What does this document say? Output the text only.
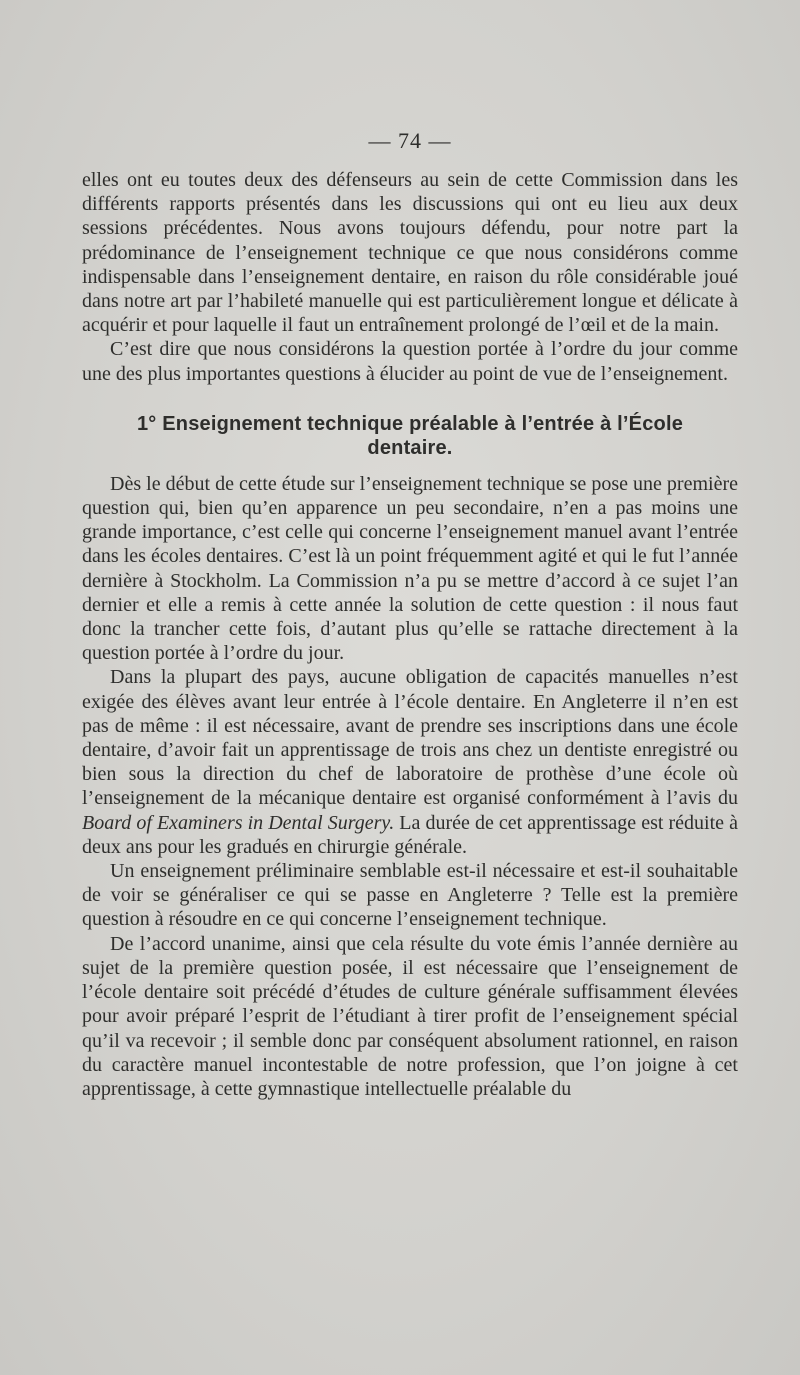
— 74 —

elles ont eu toutes deux des défenseurs au sein de cette Commission dans les différents rapports présentés dans les discussions qui ont eu lieu aux deux sessions précédentes. Nous avons toujours défendu, pour notre part la prédominance de l’enseignement technique ce que nous considérons comme indispensable dans l’enseignement dentaire, en raison du rôle considérable joué dans notre art par l’habileté manuelle qui est particulièrement longue et délicate à acquérir et pour laquelle il faut un entraînement prolongé de l’œil et de la main.

C’est dire que nous considérons la question portée à l’ordre du jour comme une des plus importantes questions à élucider au point de vue de l’enseignement.

1° Enseignement technique préalable à l’entrée à l’École dentaire.

Dès le début de cette étude sur l’enseignement technique se pose une première question qui, bien qu’en apparence un peu secondaire, n’en a pas moins une grande importance, c’est celle qui concerne l’enseignement manuel avant l’entrée dans les écoles dentaires. C’est là un point fréquemment agité et qui le fut l’année dernière à Stockholm. La Commission n’a pu se mettre d’accord à ce sujet l’an dernier et elle a remis à cette année la solution de cette question : il nous faut donc la trancher cette fois, d’autant plus qu’elle se rattache directement à la question portée à l’ordre du jour.

Dans la plupart des pays, aucune obligation de capacités manuelles n’est exigée des élèves avant leur entrée à l’école dentaire. En Angleterre il n’en est pas de même : il est nécessaire, avant de prendre ses inscriptions dans une école dentaire, d’avoir fait un apprentissage de trois ans chez un dentiste enregistré ou bien sous la direction du chef de laboratoire de prothèse d’une école où l’enseignement de la mécanique dentaire est organisé conformément à l’avis du Board of Examiners in Dental Surgery. La durée de cet apprentissage est réduite à deux ans pour les gradués en chirurgie générale.

Un enseignement préliminaire semblable est-il nécessaire et est-il souhaitable de voir se généraliser ce qui se passe en Angleterre ? Telle est la première question à résoudre en ce qui concerne l’enseignement technique.

De l’accord unanime, ainsi que cela résulte du vote émis l’année dernière au sujet de la première question posée, il est nécessaire que l’enseignement de l’école dentaire soit précédé d’études de culture générale suffisamment élevées pour avoir préparé l’esprit de l’étudiant à tirer profit de l’enseignement spécial qu’il va recevoir ; il semble donc par conséquent absolument rationnel, en raison du caractère manuel incontestable de notre profession, que l’on joigne à cet apprentissage, à cette gymnastique intellectuelle préalable du
